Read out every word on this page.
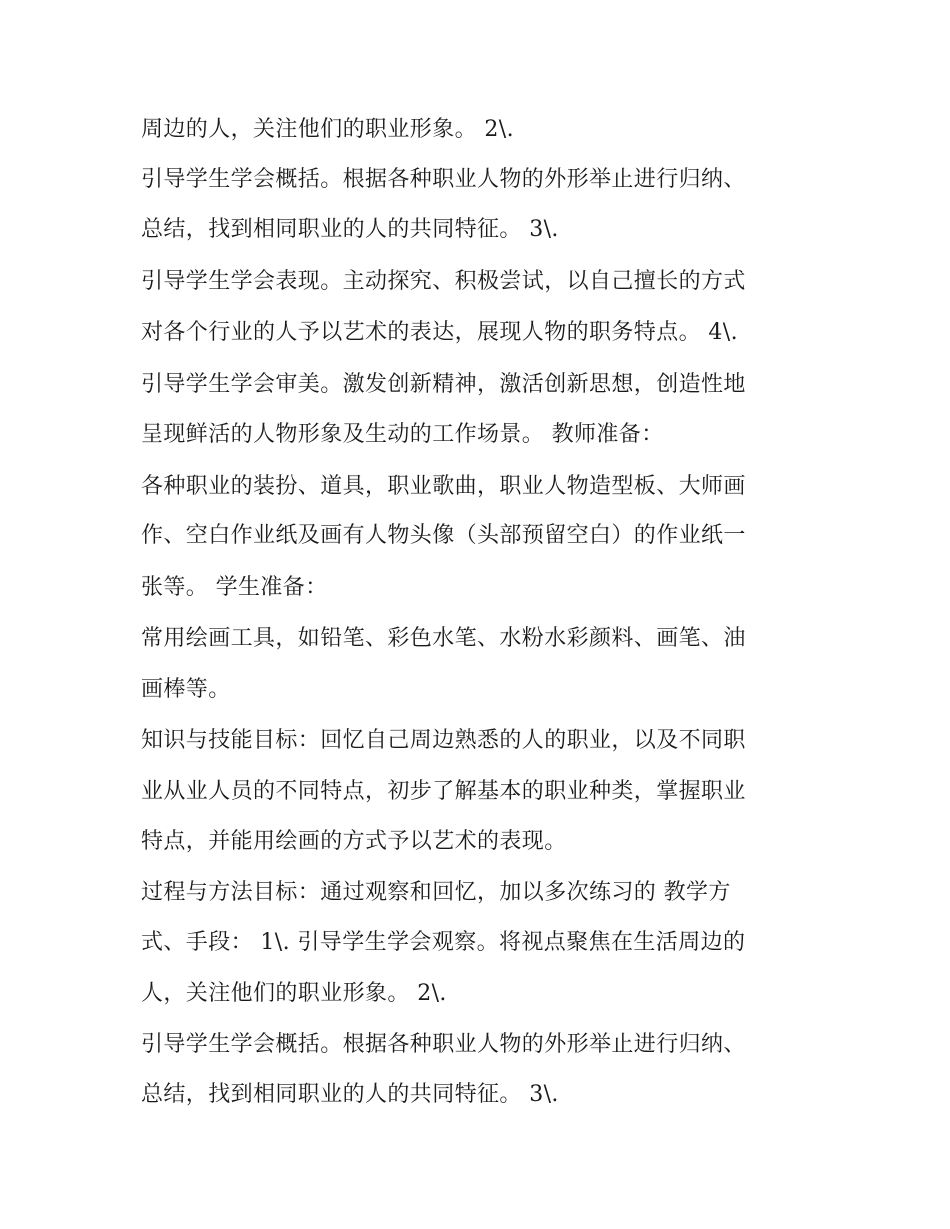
周边的人，关注他们的职业形象。 2\.
引导学生学会概括。根据各种职业人物的外形举止进行归纳、
总结，找到相同职业的人的共同特征。 3\.
引导学生学会表现。主动探究、积极尝试，以自己擅长的方式
对各个行业的人予以艺术的表达，展现人物的职务特点。 4\.
引导学生学会审美。激发创新精神，激活创新思想，创造性地
呈现鲜活的人物形象及生动的工作场景。 教师准备：
各种职业的装扮、道具，职业歌曲，职业人物造型板、大师画
作、空白作业纸及画有人物头像（头部预留空白）的作业纸一
张等。 学生准备：
常用绘画工具，如铅笔、彩色水笔、水粉水彩颜料、画笔、油
画棒等。
知识与技能目标：回忆自己周边熟悉的人的职业，以及不同职
业从业人员的不同特点，初步了解基本的职业种类，掌握职业
特点，并能用绘画的方式予以艺术的表现。
过程与方法目标：通过观察和回忆，加以多次练习的 教学方
式、手段： 1\. 引导学生学会观察。将视点聚焦在生活周边的
人，关注他们的职业形象。 2\.
引导学生学会概括。根据各种职业人物的外形举止进行归纳、
总结，找到相同职业的人的共同特征。 3\.
